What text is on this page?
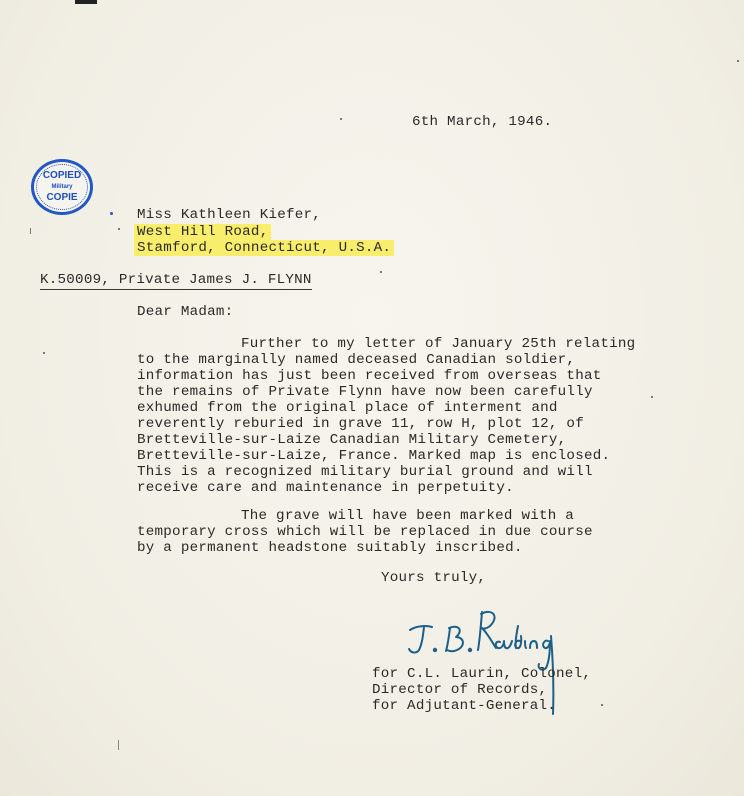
6th March, 1946.
COPIED
Military
COPIE
Miss Kathleen Kiefer,
West Hill Road,
Stamford, Connecticut, U.S.A.
K.50009, Private James J. FLYNN
Dear Madam:
Further to my letter of January 25th relating
to the marginally named deceased Canadian soldier,
information has just been received from overseas that
the remains of Private Flynn have now been carefully
exhumed from the original place of interment and
reverently reburied in grave 11, row H, plot 12, of
Bretteville-sur-Laize Canadian Military Cemetery,
Bretteville-sur-Laize, France. Marked map is enclosed.
This is a recognized military burial ground and will
receive care and maintenance in perpetuity.
The grave will have been marked with a
temporary cross which will be replaced in due course
by a permanent headstone suitably inscribed.
Yours truly,
for C.L. Laurin, Colonel,
Director of Records,
for Adjutant-General.
